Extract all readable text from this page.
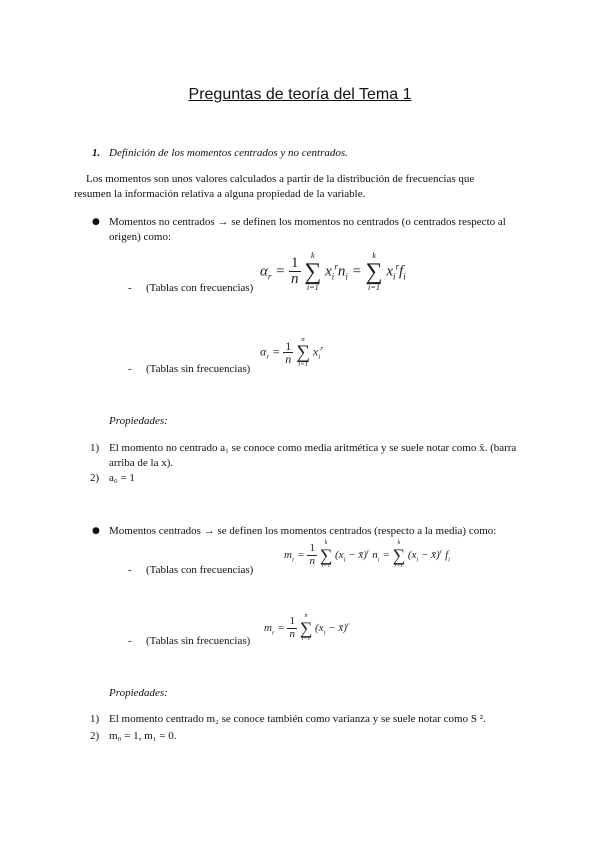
Preguntas de teoría del Tema 1
1. Definición de los momentos centrados y no centrados.
Los momentos son unos valores calculados a partir de la distribución de frecuencias que resumen la información relativa a alguna propiedad de la variable.
● Momentos no centrados → se definen los momentos no centrados (o centrados respecto al
origen) como:
$\alpha_r = \frac{1}{n}$

k
∑
i=1
$x_i^rn_i$ =
k
∑
i=1
$x_i^rf_i$
- (Tablas con frecuencias)
$\alpha_r = \frac{1}{n}$

n
∑
i=1
$x_i^r$
- (Tablas sin frecuencias)
Propiedades:
1) El momento no centrado a₁ se conoce como media aritmética y se suele notar como x̄. (barra
arriba de la x).
2) a₀ = 1
● Momentos centrados → se definen los momentos centrados (respecto a la media) como:
$m_r = \frac{1}{n}$

k
∑
i=1
($x_i$ − x̄)$^r$ $n_i$ =
k
∑
i=1
($x_i$ − x̄)$^r$ $f_i$
- (Tablas con frecuencias)
$m_r = \frac{1}{n}$

n
∑
i=1
($x_i$ − x̄)$^r$
- (Tablas sin frecuencias)
Propiedades:
1) El momento centrado m₂ se conoce también como varianza y se suele notar como S ².
2) m₀ = 1, m₁ = 0.
